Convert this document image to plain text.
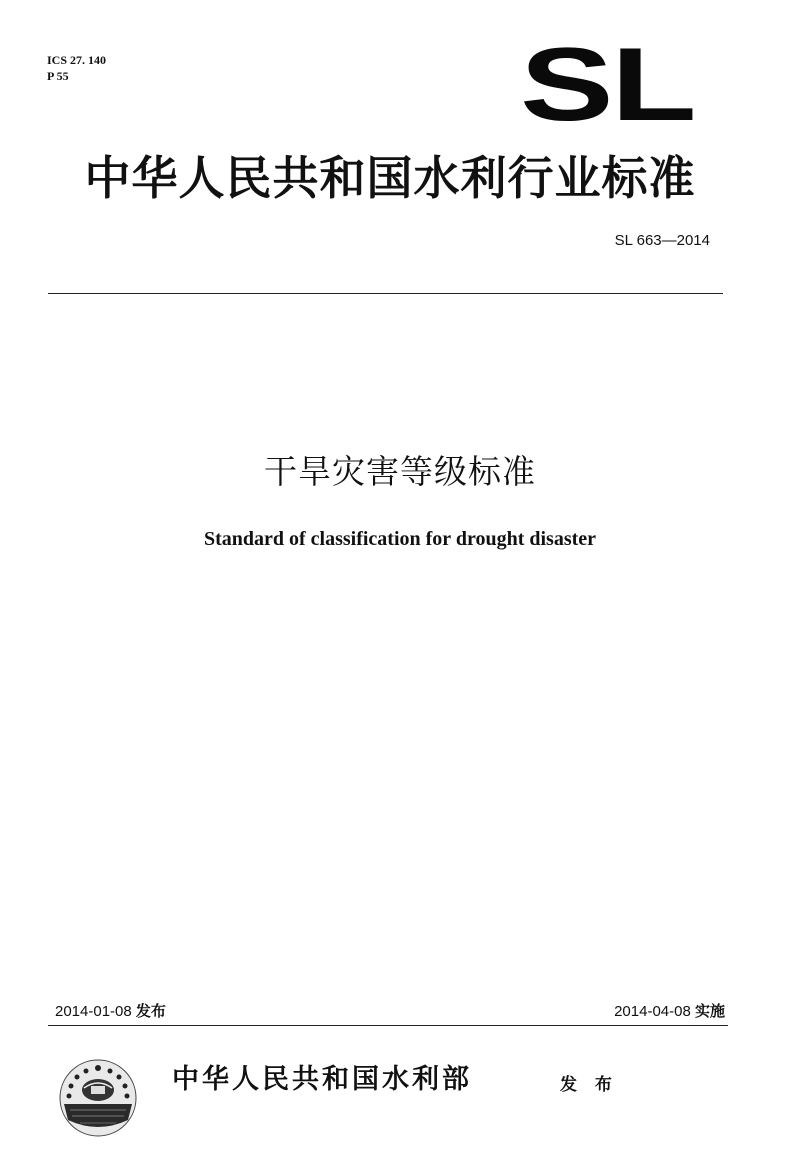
ICS 27. 140
P 55	SL
中华人民共和国水利行业标准
SL 663—2014
干旱灾害等级标准
Standard of classification for drought disaster
2014-01-08 发布	2014-04-08 实施
中华人民共和国水利部	发 布
